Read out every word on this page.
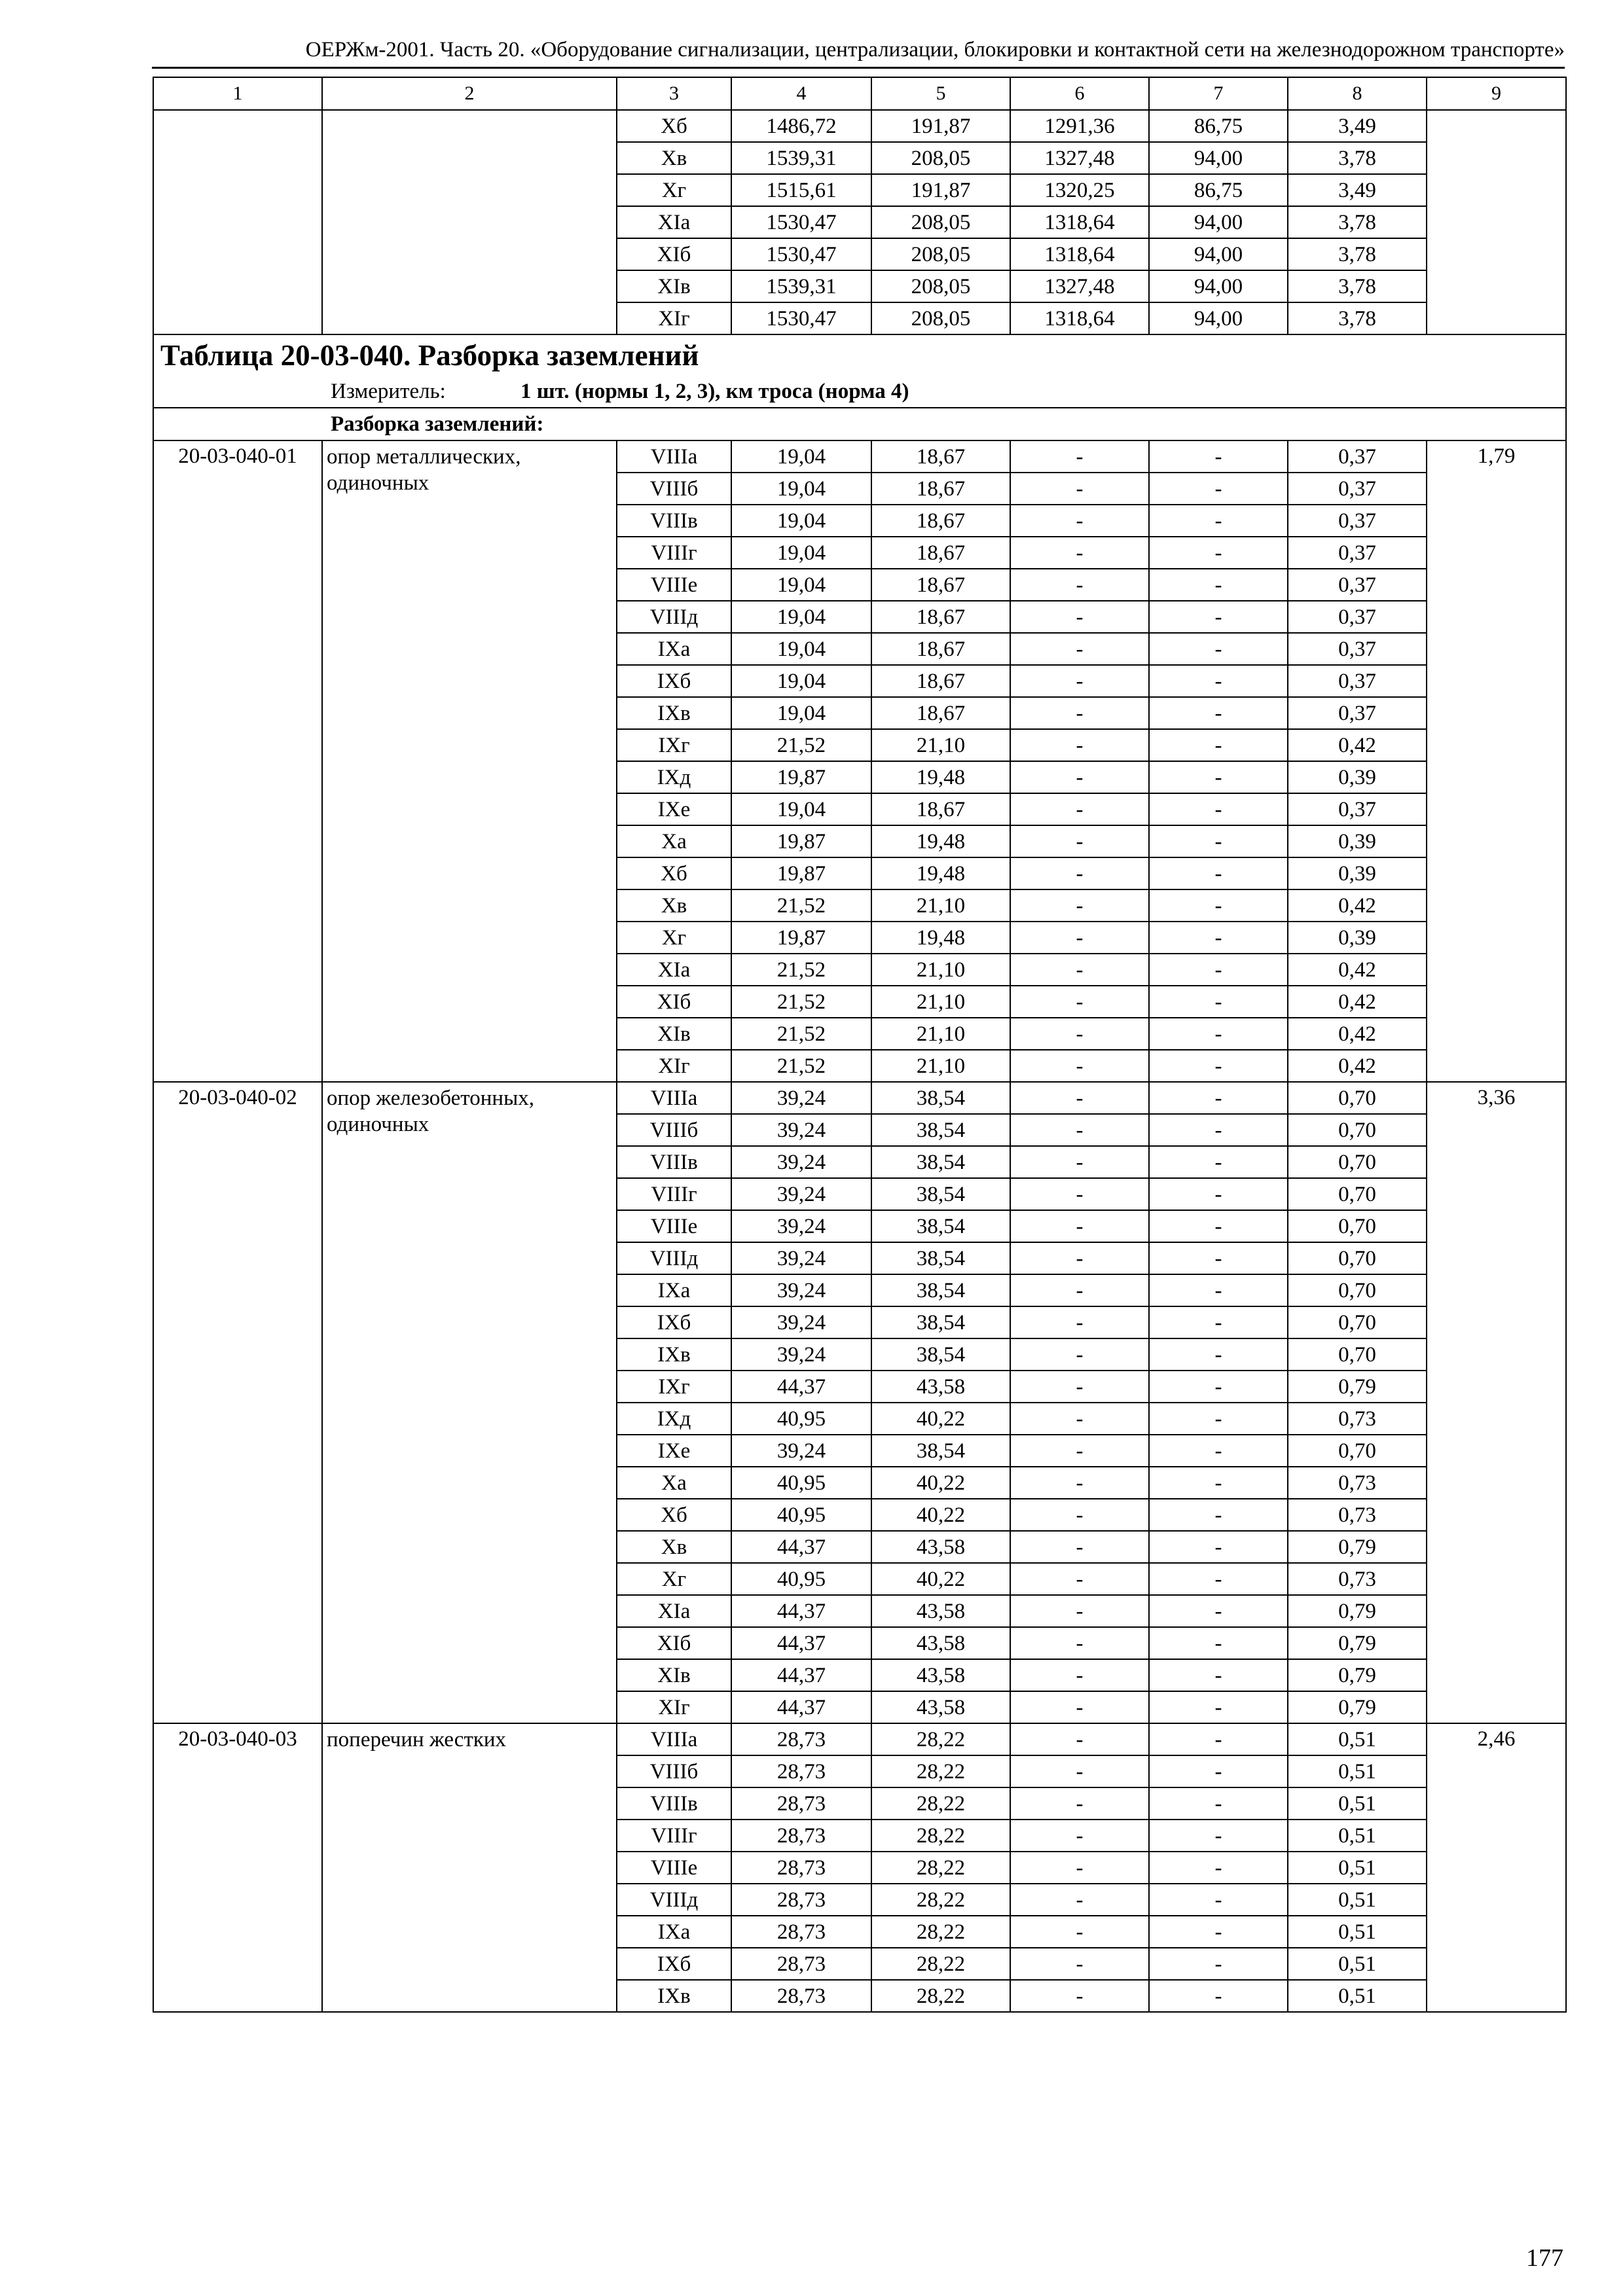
ОЕРЖм-2001. Часть 20. «Оборудование сигнализации, централизации, блокировки и контактной сети на железнодорожном транспорте»
1	2	3	4	5	6	7	8	9
		Xб	1486,72	191,87	1291,36	86,75	3,49	
		Xв	1539,31	208,05	1327,48	94,00	3,78	
		Xг	1515,61	191,87	1320,25	86,75	3,49	
		XIа	1530,47	208,05	1318,64	94,00	3,78	
		XIб	1530,47	208,05	1318,64	94,00	3,78	
		XIв	1539,31	208,05	1327,48	94,00	3,78	
		XIг	1530,47	208,05	1318,64	94,00	3,78	
Таблица 20-03-040. Разборка заземлений								
Измеритель: 1 шт. (нормы 1, 2, 3), км троса (норма 4)								
Разборка заземлений:								
20-03-040-01	опор металлических, одиночных	VIIIа	19,04	18,67	-	-	0,37	1,79
		VIIIб	19,04	18,67	-	-	0,37	
		VIIIв	19,04	18,67	-	-	0,37	
		VIIIг	19,04	18,67	-	-	0,37	
		VIIIе	19,04	18,67	-	-	0,37	
		VIIIд	19,04	18,67	-	-	0,37	
		IXа	19,04	18,67	-	-	0,37	
		IXб	19,04	18,67	-	-	0,37	
		IXв	19,04	18,67	-	-	0,37	
		IXг	21,52	21,10	-	-	0,42	
		IXд	19,87	19,48	-	-	0,39	
		IXе	19,04	18,67	-	-	0,37	
		Xа	19,87	19,48	-	-	0,39	
		Xб	19,87	19,48	-	-	0,39	
		Xв	21,52	21,10	-	-	0,42	
		Xг	19,87	19,48	-	-	0,39	
		XIа	21,52	21,10	-	-	0,42	
		XIб	21,52	21,10	-	-	0,42	
		XIв	21,52	21,10	-	-	0,42	
		XIг	21,52	21,10	-	-	0,42	
20-03-040-02	опор железобетонных, одиночных	VIIIа	39,24	38,54	-	-	0,70	3,36
		VIIIб	39,24	38,54	-	-	0,70	
		VIIIв	39,24	38,54	-	-	0,70	
		VIIIг	39,24	38,54	-	-	0,70	
		VIIIе	39,24	38,54	-	-	0,70	
		VIIIд	39,24	38,54	-	-	0,70	
		IXа	39,24	38,54	-	-	0,70	
		IXб	39,24	38,54	-	-	0,70	
		IXв	39,24	38,54	-	-	0,70	
		IXг	44,37	43,58	-	-	0,79	
		IXд	40,95	40,22	-	-	0,73	
		IXе	39,24	38,54	-	-	0,70	
		Xа	40,95	40,22	-	-	0,73	
		Xб	40,95	40,22	-	-	0,73	
		Xв	44,37	43,58	-	-	0,79	
		Xг	40,95	40,22	-	-	0,73	
		XIа	44,37	43,58	-	-	0,79	
		XIб	44,37	43,58	-	-	0,79	
		XIв	44,37	43,58	-	-	0,79	
		XIг	44,37	43,58	-	-	0,79	
20-03-040-03	поперечин жестких	VIIIа	28,73	28,22	-	-	0,51	2,46
		VIIIб	28,73	28,22	-	-	0,51	
		VIIIв	28,73	28,22	-	-	0,51	
		VIIIг	28,73	28,22	-	-	0,51	
		VIIIе	28,73	28,22	-	-	0,51	
		VIIIд	28,73	28,22	-	-	0,51	
		IXа	28,73	28,22	-	-	0,51	
		IXб	28,73	28,22	-	-	0,51	
		IXв	28,73	28,22	-	-	0,51	
177
